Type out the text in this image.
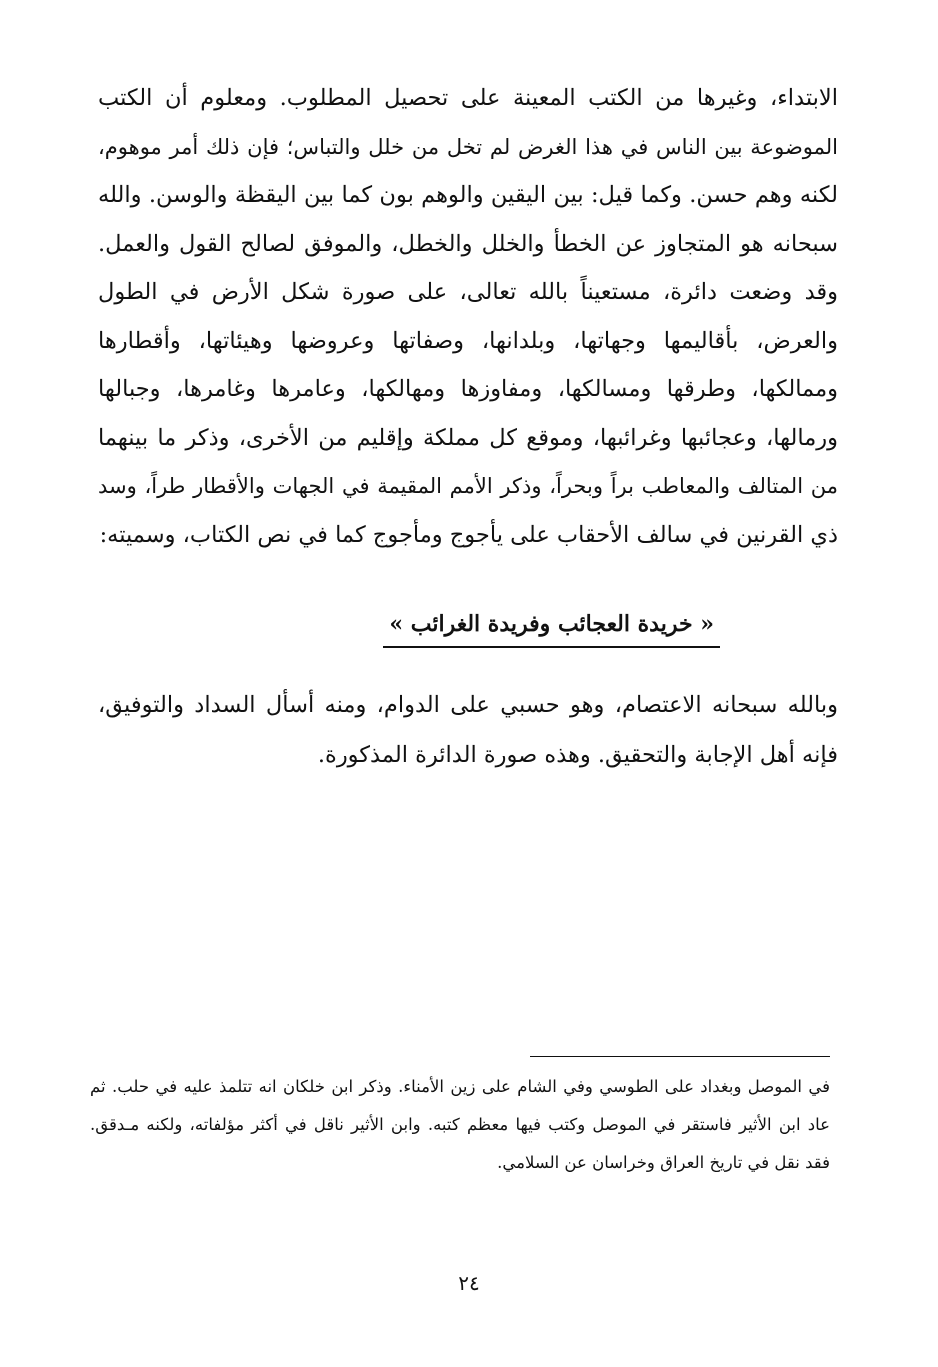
الابتداء، وغيرها من الكتب المعينة على تحصيل المطلوب. ومعلوم أن الكتب
الموضوعة بين الناس في هذا الغرض لم تخل من خلل والتباس؛ فإن ذلك أمر موهوم،
لكنه وهم حسن. وكما قيل: بين اليقين والوهم بون كما بين اليقظة والوسن. والله
سبحانه هو المتجاوز عن الخطأ والخلل والخطل، والموفق لصالح القول والعمل.
وقد وضعت دائرة، مستعيناً بالله تعالى، على صورة شكل الأرض في الطول
والعرض، بأقاليمها وجهاتها، وبلدانها، وصفاتها وعروضها وهيئاتها، وأقطارها
وممالكها، وطرقها ومسالكها، ومفاوزها ومهالكها، وعامرها وغامرها، وجبالها
ورمالها، وعجائبها وغرائبها، وموقع كل مملكة وإقليم من الأخرى، وذكر ما بينهما
من المتالف والمعاطب براً وبحراً، وذكر الأمم المقيمة في الجهات والأقطار طراً، وسد
ذي القرنين في سالف الأحقاب على يأجوج ومأجوج كما في نص الكتاب، وسميته:
« خريدة العجائب وفريدة الغرائب »
وبالله سبحانه الاعتصام، وهو حسبي على الدوام، ومنه أسأل السداد والتوفيق،
فإنه أهل الإجابة والتحقيق. وهذه صورة الدائرة المذكورة.
في الموصل وبغداد على الطوسي وفي الشام على زين الأمناء. وذكر ابن خلكان انه تتلمذ عليه في حلب. ثم
عاد ابن الأثير فاستقر في الموصل وكتب فيها معظم كتبه. وابن الأثير ناقل في أكثر مؤلفاته، ولكنه مـدقق.
فقد نقل في تاريخ العراق وخراسان عن السلامي.
٢٤
